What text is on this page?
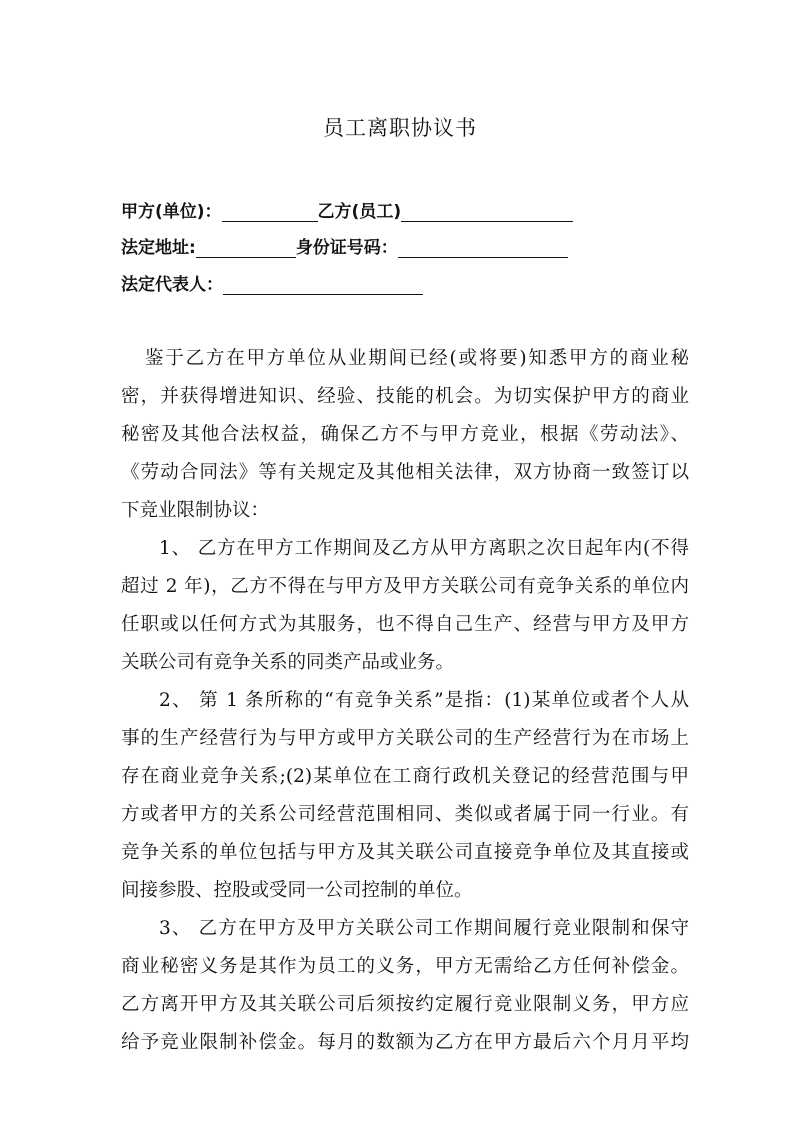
员工离职协议书
甲方(单位)：	乙方(员工)
法定地址:	身份证号码：
法定代表人：
鉴于乙方在甲方单位从业期间已经(或将要)知悉甲方的商业秘
密，并获得增进知识、经验、技能的机会。为切实保护甲方的商业
秘密及其他合法权益，确保乙方不与甲方竞业，根据《劳动法》、
《劳动合同法》等有关规定及其他相关法律，双方协商一致签订以
下竞业限制协议：
1、 乙方在甲方工作期间及乙方从甲方离职之次日起年内(不得
超过 2 年)，乙方不得在与甲方及甲方关联公司有竞争关系的单位内
任职或以任何方式为其服务，也不得自己生产、经营与甲方及甲方
关联公司有竞争关系的同类产品或业务。
2、 第 1 条所称的“有竞争关系”是指：(1)某单位或者个人从
事的生产经营行为与甲方或甲方关联公司的生产经营行为在市场上
存在商业竞争关系;(2)某单位在工商行政机关登记的经营范围与甲
方或者甲方的关系公司经营范围相同、类似或者属于同一行业。有
竞争关系的单位包括与甲方及其关联公司直接竞争单位及其直接或
间接参股、控股或受同一公司控制的单位。
3、 乙方在甲方及甲方关联公司工作期间履行竞业限制和保守
商业秘密义务是其作为员工的义务，甲方无需给乙方任何补偿金。
乙方离开甲方及其关联公司后须按约定履行竞业限制义务，甲方应
给予竞业限制补偿金。每月的数额为乙方在甲方最后六个月月平均
